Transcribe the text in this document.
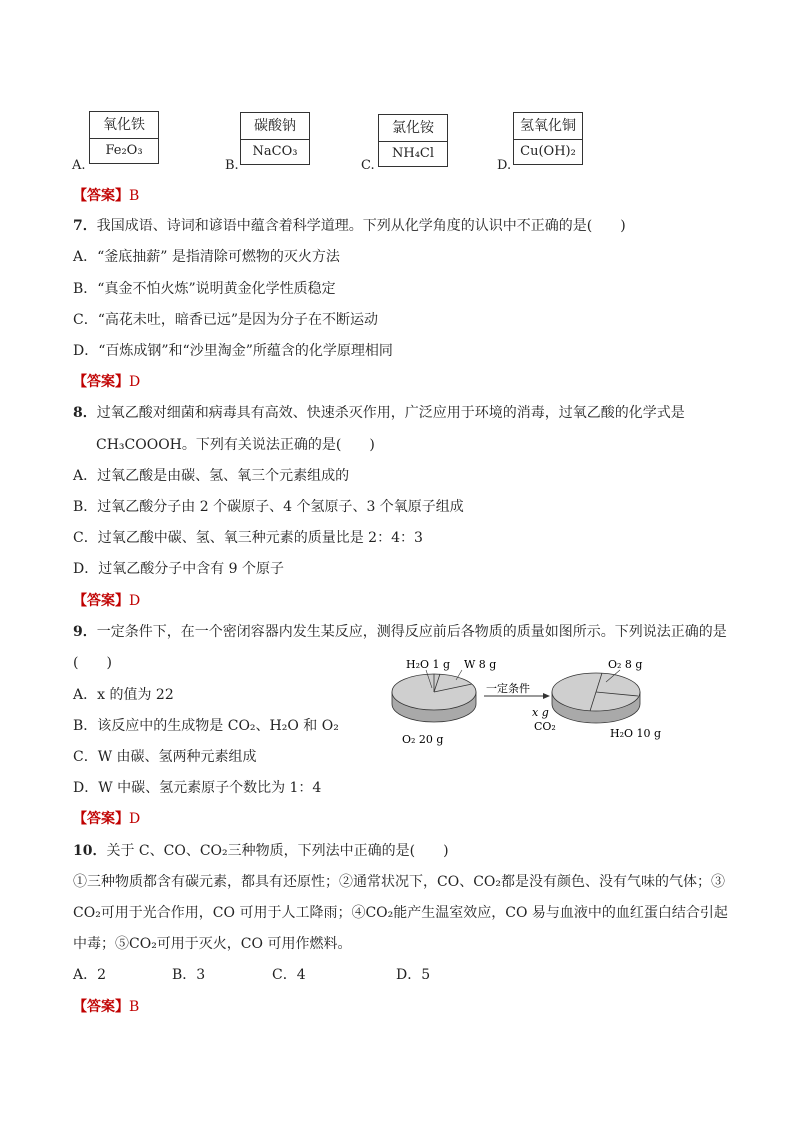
氧化铁
Fe₂O₃
A.
碳酸钠
NaCO₃
B.
氯化铵
NH₄Cl
C.
氢氧化铜
Cu(OH)₂
D.
【答案】B
7．我国成语、诗词和谚语中蕴含着科学道理。下列从化学角度的认识中不正确的是(　　)
A．“釜底抽薪” 是指清除可燃物的灭火方法
B．“真金不怕火炼”说明黄金化学性质稳定
C．“高花未吐，暗香已远”是因为分子在不断运动
D．“百炼成钢”和“沙里淘金”所蕴含的化学原理相同
【答案】D
8．过氧乙酸对细菌和病毒具有高效、快速杀灭作用，广泛应用于环境的消毒，过氧乙酸的化学式是
CH₃COOOH。下列有关说法正确的是(　　)
A．过氧乙酸是由碳、氢、氧三个元素组成的
B．过氧乙酸分子由 2 个碳原子、4 个氢原子、3 个氧原子组成
C．过氧乙酸中碳、氢、氧三种元素的质量比是 2：4：3
D．过氧乙酸分子中含有 9 个原子
【答案】D
9．一定条件下，在一个密闭容器内发生某反应，测得反应前后各物质的质量如图所示。下列说法正确的是
(　　)
A．x 的值为 22
B．该反应中的生成物是 CO₂、H₂O 和 O₂
C．W 由碳、氢两种元素组成
D．W 中碳、氢元素原子个数比为 1：4
H₂O 1 g W 8 g
O₂ 20 g
一定条件
O₂ 8 g
x g
CO₂
H₂O 10 g
【答案】D
10．关于 C、CO、CO₂三种物质，下列法中正确的是(　　)
①三种物质都含有碳元素，都具有还原性；②通常状况下，CO、CO₂都是没有颜色、没有气味的气体；③
CO₂可用于光合作用，CO 可用于人工降雨；④CO₂能产生温室效应，CO 易与血液中的血红蛋白结合引起
中毒；⑤CO₂可用于灭火，CO 可用作燃料。
A．2	B．3	C．4	D．5
【答案】B
